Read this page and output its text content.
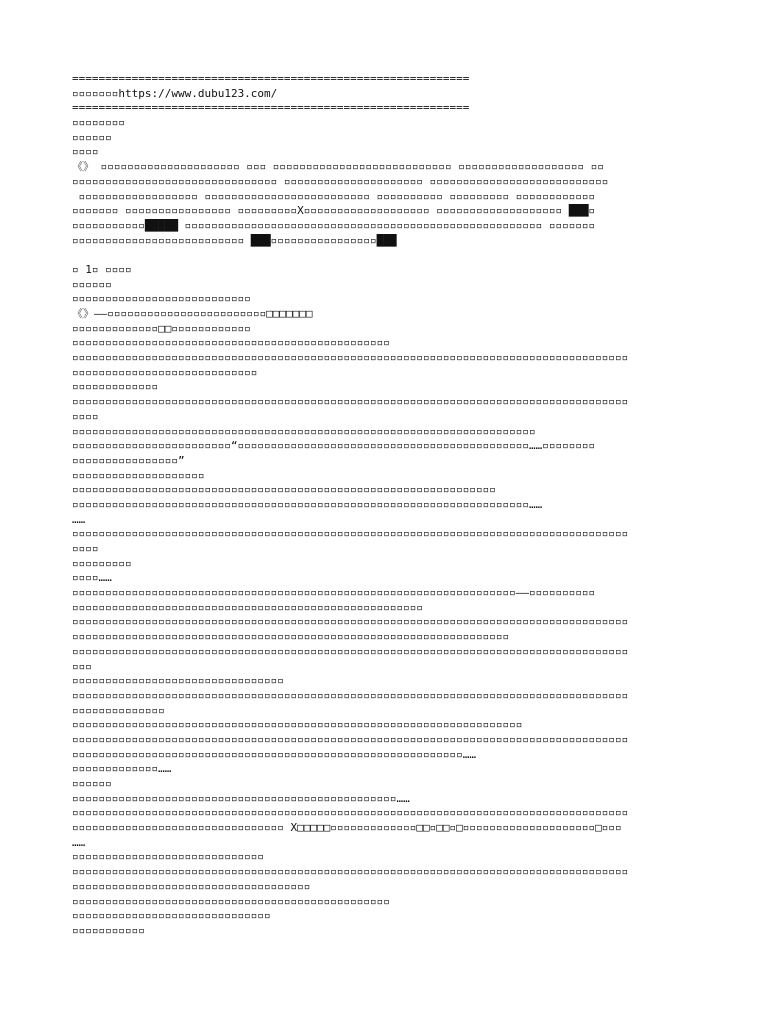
============================================================
▫▫▫▫▫▫▫https://www.dubu123.com/
============================================================
▫▫▫▫▫▫▫▫
▫▫▫▫▫▫
▫▫▫▫
《》 ▫▫▫▫▫▫▫▫▫▫▫▫▫▫▫▫▫▫▫▫▫ ▫▫▫ ▫▫▫▫▫▫▫▫▫▫▫▫▫▫▫▫▫▫▫▫▫▫▫▫▫▫▫ ▫▫▫▫▫▫▫▫▫▫▫▫▫▫▫▫▫▫▫ ▫▫
▫▫▫▫▫▫▫▫▫▫▫▫▫▫▫▫▫▫▫▫▫▫▫▫▫▫▫▫▫▫▫ ▫▫▫▫▫▫▫▫▫▫▫▫▫▫▫▫▫▫▫▫▫ ▫▫▫▫▫▫▫▫▫▫▫▫▫▫▫▫▫▫▫▫▫▫▫▫▫▫▫
▫▫▫▫▫▫▫▫▫▫▫▫▫▫▫▫▫▫ ▫▫▫▫▫▫▫▫▫▫▫▫▫▫▫▫▫▫▫▫▫▫▫▫▫ ▫▫▫▫▫▫▫▫▫▫ ▫▫▫▫▫▫▫▫▫ ▫▫▫▫▫▫▫▫▫▫▫▫
▫▫▫▫▫▫▫ ▫▫▫▫▫▫▫▫▫▫▫▫▫▫▫▫ ▫▫▫▫▫▫▫▫▫X▫▫▫▫▫▫▫▫▫▫▫▫▫▫▫▫▫▫▫ ▫▫▫▫▫▫▫▫▫▫▫▫▫▫▫▫▫▫▫ ███▫
▫▫▫▫▫▫▫▫▫▫▫█████ ▫▫▫▫▫▫▫▫▫▫▫▫▫▫▫▫▫▫▫▫▫▫▫▫▫▫▫▫▫▫▫▫▫▫▫▫▫▫▫▫▫▫▫▫▫▫▫▫▫▫▫▫▫▫ ▫▫▫▫▫▫▫
▫▫▫▫▫▫▫▫▫▫▫▫▫▫▫▫▫▫▫▫▫▫▫▫▫▫ ███▫▫▫▫▫▫▫▫▫▫▫▫▫▫▫▫███
▫ 1▫ ▫▫▫▫
▫▫▫▫▫▫
▫▫▫▫▫▫▫▫▫▫▫▫▫▫▫▫▫▫▫▫▫▫▫▫▫▫▫
《》——▫▫▫▫▫▫▫▫▫▫▫▫▫▫▫▫▫▫▫▫▫▫▫▫□□□□□□□
▫▫▫▫▫▫▫▫▫▫▫▫▫□□▫▫▫▫▫▫▫▫▫▫▫▫
▫▫▫▫▫▫▫▫▫▫▫▫▫▫▫▫▫▫▫▫▫▫▫▫▫▫▫▫▫▫▫▫▫▫▫▫▫▫▫▫▫▫▫▫▫▫▫▫
▫▫▫▫▫▫▫▫▫▫▫▫▫▫▫▫▫▫▫▫▫▫▫▫▫▫▫▫▫▫▫▫▫▫▫▫▫▫▫▫▫▫▫▫▫▫▫▫▫▫▫▫▫▫▫▫▫▫▫▫▫▫▫▫▫▫▫▫▫▫▫▫▫▫▫▫▫▫▫▫▫▫▫▫
▫▫▫▫▫▫▫▫▫▫▫▫▫▫▫▫▫▫▫▫▫▫▫▫▫▫▫▫
▫▫▫▫▫▫▫▫▫▫▫▫▫
▫▫▫▫▫▫▫▫▫▫▫▫▫▫▫▫▫▫▫▫▫▫▫▫▫▫▫▫▫▫▫▫▫▫▫▫▫▫▫▫▫▫▫▫▫▫▫▫▫▫▫▫▫▫▫▫▫▫▫▫▫▫▫▫▫▫▫▫▫▫▫▫▫▫▫▫▫▫▫▫▫▫▫▫
▫▫▫▫
▫▫▫▫▫▫▫▫▫▫▫▫▫▫▫▫▫▫▫▫▫▫▫▫▫▫▫▫▫▫▫▫▫▫▫▫▫▫▫▫▫▫▫▫▫▫▫▫▫▫▫▫▫▫▫▫▫▫▫▫▫▫▫▫▫▫▫▫▫▫
▫▫▫▫▫▫▫▫▫▫▫▫▫▫▫▫▫▫▫▫▫▫▫▫“▫▫▫▫▫▫▫▫▫▫▫▫▫▫▫▫▫▫▫▫▫▫▫▫▫▫▫▫▫▫▫▫▫▫▫▫▫▫▫▫▫▫▫▫……▫▫▫▫▫▫▫▫
▫▫▫▫▫▫▫▫▫▫▫▫▫▫▫▫”
▫▫▫▫▫▫▫▫▫▫▫▫▫▫▫▫▫▫▫▫
▫▫▫▫▫▫▫▫▫▫▫▫▫▫▫▫▫▫▫▫▫▫▫▫▫▫▫▫▫▫▫▫▫▫▫▫▫▫▫▫▫▫▫▫▫▫▫▫▫▫▫▫▫▫▫▫▫▫▫▫▫▫▫▫
▫▫▫▫▫▫▫▫▫▫▫▫▫▫▫▫▫▫▫▫▫▫▫▫▫▫▫▫▫▫▫▫▫▫▫▫▫▫▫▫▫▫▫▫▫▫▫▫▫▫▫▫▫▫▫▫▫▫▫▫▫▫▫▫▫▫▫▫▫……
……
▫▫▫▫▫▫▫▫▫▫▫▫▫▫▫▫▫▫▫▫▫▫▫▫▫▫▫▫▫▫▫▫▫▫▫▫▫▫▫▫▫▫▫▫▫▫▫▫▫▫▫▫▫▫▫▫▫▫▫▫▫▫▫▫▫▫▫▫▫▫▫▫▫▫▫▫▫▫▫▫▫▫▫▫
▫▫▫▫
▫▫▫▫▫▫▫▫▫
▫▫▫▫……
▫▫▫▫▫▫▫▫▫▫▫▫▫▫▫▫▫▫▫▫▫▫▫▫▫▫▫▫▫▫▫▫▫▫▫▫▫▫▫▫▫▫▫▫▫▫▫▫▫▫▫▫▫▫▫▫▫▫▫▫▫▫▫▫▫▫▫——▫▫▫▫▫▫▫▫▫▫
▫▫▫▫▫▫▫▫▫▫▫▫▫▫▫▫▫▫▫▫▫▫▫▫▫▫▫▫▫▫▫▫▫▫▫▫▫▫▫▫▫▫▫▫▫▫▫▫▫▫▫▫▫
▫▫▫▫▫▫▫▫▫▫▫▫▫▫▫▫▫▫▫▫▫▫▫▫▫▫▫▫▫▫▫▫▫▫▫▫▫▫▫▫▫▫▫▫▫▫▫▫▫▫▫▫▫▫▫▫▫▫▫▫▫▫▫▫▫▫▫▫▫▫▫▫▫▫▫▫▫▫▫▫▫▫▫▫
▫▫▫▫▫▫▫▫▫▫▫▫▫▫▫▫▫▫▫▫▫▫▫▫▫▫▫▫▫▫▫▫▫▫▫▫▫▫▫▫▫▫▫▫▫▫▫▫▫▫▫▫▫▫▫▫▫▫▫▫▫▫▫▫▫▫
▫▫▫▫▫▫▫▫▫▫▫▫▫▫▫▫▫▫▫▫▫▫▫▫▫▫▫▫▫▫▫▫▫▫▫▫▫▫▫▫▫▫▫▫▫▫▫▫▫▫▫▫▫▫▫▫▫▫▫▫▫▫▫▫▫▫▫▫▫▫▫▫▫▫▫▫▫▫▫▫▫▫▫▫
▫▫▫
▫▫▫▫▫▫▫▫▫▫▫▫▫▫▫▫▫▫▫▫▫▫▫▫▫▫▫▫▫▫▫▫
▫▫▫▫▫▫▫▫▫▫▫▫▫▫▫▫▫▫▫▫▫▫▫▫▫▫▫▫▫▫▫▫▫▫▫▫▫▫▫▫▫▫▫▫▫▫▫▫▫▫▫▫▫▫▫▫▫▫▫▫▫▫▫▫▫▫▫▫▫▫▫▫▫▫▫▫▫▫▫▫▫▫▫▫
▫▫▫▫▫▫▫▫▫▫▫▫▫▫
▫▫▫▫▫▫▫▫▫▫▫▫▫▫▫▫▫▫▫▫▫▫▫▫▫▫▫▫▫▫▫▫▫▫▫▫▫▫▫▫▫▫▫▫▫▫▫▫▫▫▫▫▫▫▫▫▫▫▫▫▫▫▫▫▫▫▫▫
▫▫▫▫▫▫▫▫▫▫▫▫▫▫▫▫▫▫▫▫▫▫▫▫▫▫▫▫▫▫▫▫▫▫▫▫▫▫▫▫▫▫▫▫▫▫▫▫▫▫▫▫▫▫▫▫▫▫▫▫▫▫▫▫▫▫▫▫▫▫▫▫▫▫▫▫▫▫▫▫▫▫▫▫
▫▫▫▫▫▫▫▫▫▫▫▫▫▫▫▫▫▫▫▫▫▫▫▫▫▫▫▫▫▫▫▫▫▫▫▫▫▫▫▫▫▫▫▫▫▫▫▫▫▫▫▫▫▫▫▫▫▫▫……
▫▫▫▫▫▫▫▫▫▫▫▫▫……
▫▫▫▫▫▫
▫▫▫▫▫▫▫▫▫▫▫▫▫▫▫▫▫▫▫▫▫▫▫▫▫▫▫▫▫▫▫▫▫▫▫▫▫▫▫▫▫▫▫▫▫▫▫▫▫……
▫▫▫▫▫▫▫▫▫▫▫▫▫▫▫▫▫▫▫▫▫▫▫▫▫▫▫▫▫▫▫▫▫▫▫▫▫▫▫▫▫▫▫▫▫▫▫▫▫▫▫▫▫▫▫▫▫▫▫▫▫▫▫▫▫▫▫▫▫▫▫▫▫▫▫▫▫▫▫▫▫▫▫▫
▫▫▫▫▫▫▫▫▫▫▫▫▫▫▫▫▫▫▫▫▫▫▫▫▫▫▫▫▫▫▫▫ X□□□□□▫▫▫▫▫▫▫▫▫▫▫▫▫□□▫□□▫□▫▫▫▫▫▫▫▫▫▫▫▫▫▫▫▫▫▫▫▫□▫▫▫
……
▫▫▫▫▫▫▫▫▫▫▫▫▫▫▫▫▫▫▫▫▫▫▫▫▫▫▫▫▫
▫▫▫▫▫▫▫▫▫▫▫▫▫▫▫▫▫▫▫▫▫▫▫▫▫▫▫▫▫▫▫▫▫▫▫▫▫▫▫▫▫▫▫▫▫▫▫▫▫▫▫▫▫▫▫▫▫▫▫▫▫▫▫▫▫▫▫▫▫▫▫▫▫▫▫▫▫▫▫▫▫▫▫▫
▫▫▫▫▫▫▫▫▫▫▫▫▫▫▫▫▫▫▫▫▫▫▫▫▫▫▫▫▫▫▫▫▫▫▫▫
▫▫▫▫▫▫▫▫▫▫▫▫▫▫▫▫▫▫▫▫▫▫▫▫▫▫▫▫▫▫▫▫▫▫▫▫▫▫▫▫▫▫▫▫▫▫▫▫
▫▫▫▫▫▫▫▫▫▫▫▫▫▫▫▫▫▫▫▫▫▫▫▫▫▫▫▫▫▫
▫▫▫▫▫▫▫▫▫▫▫
